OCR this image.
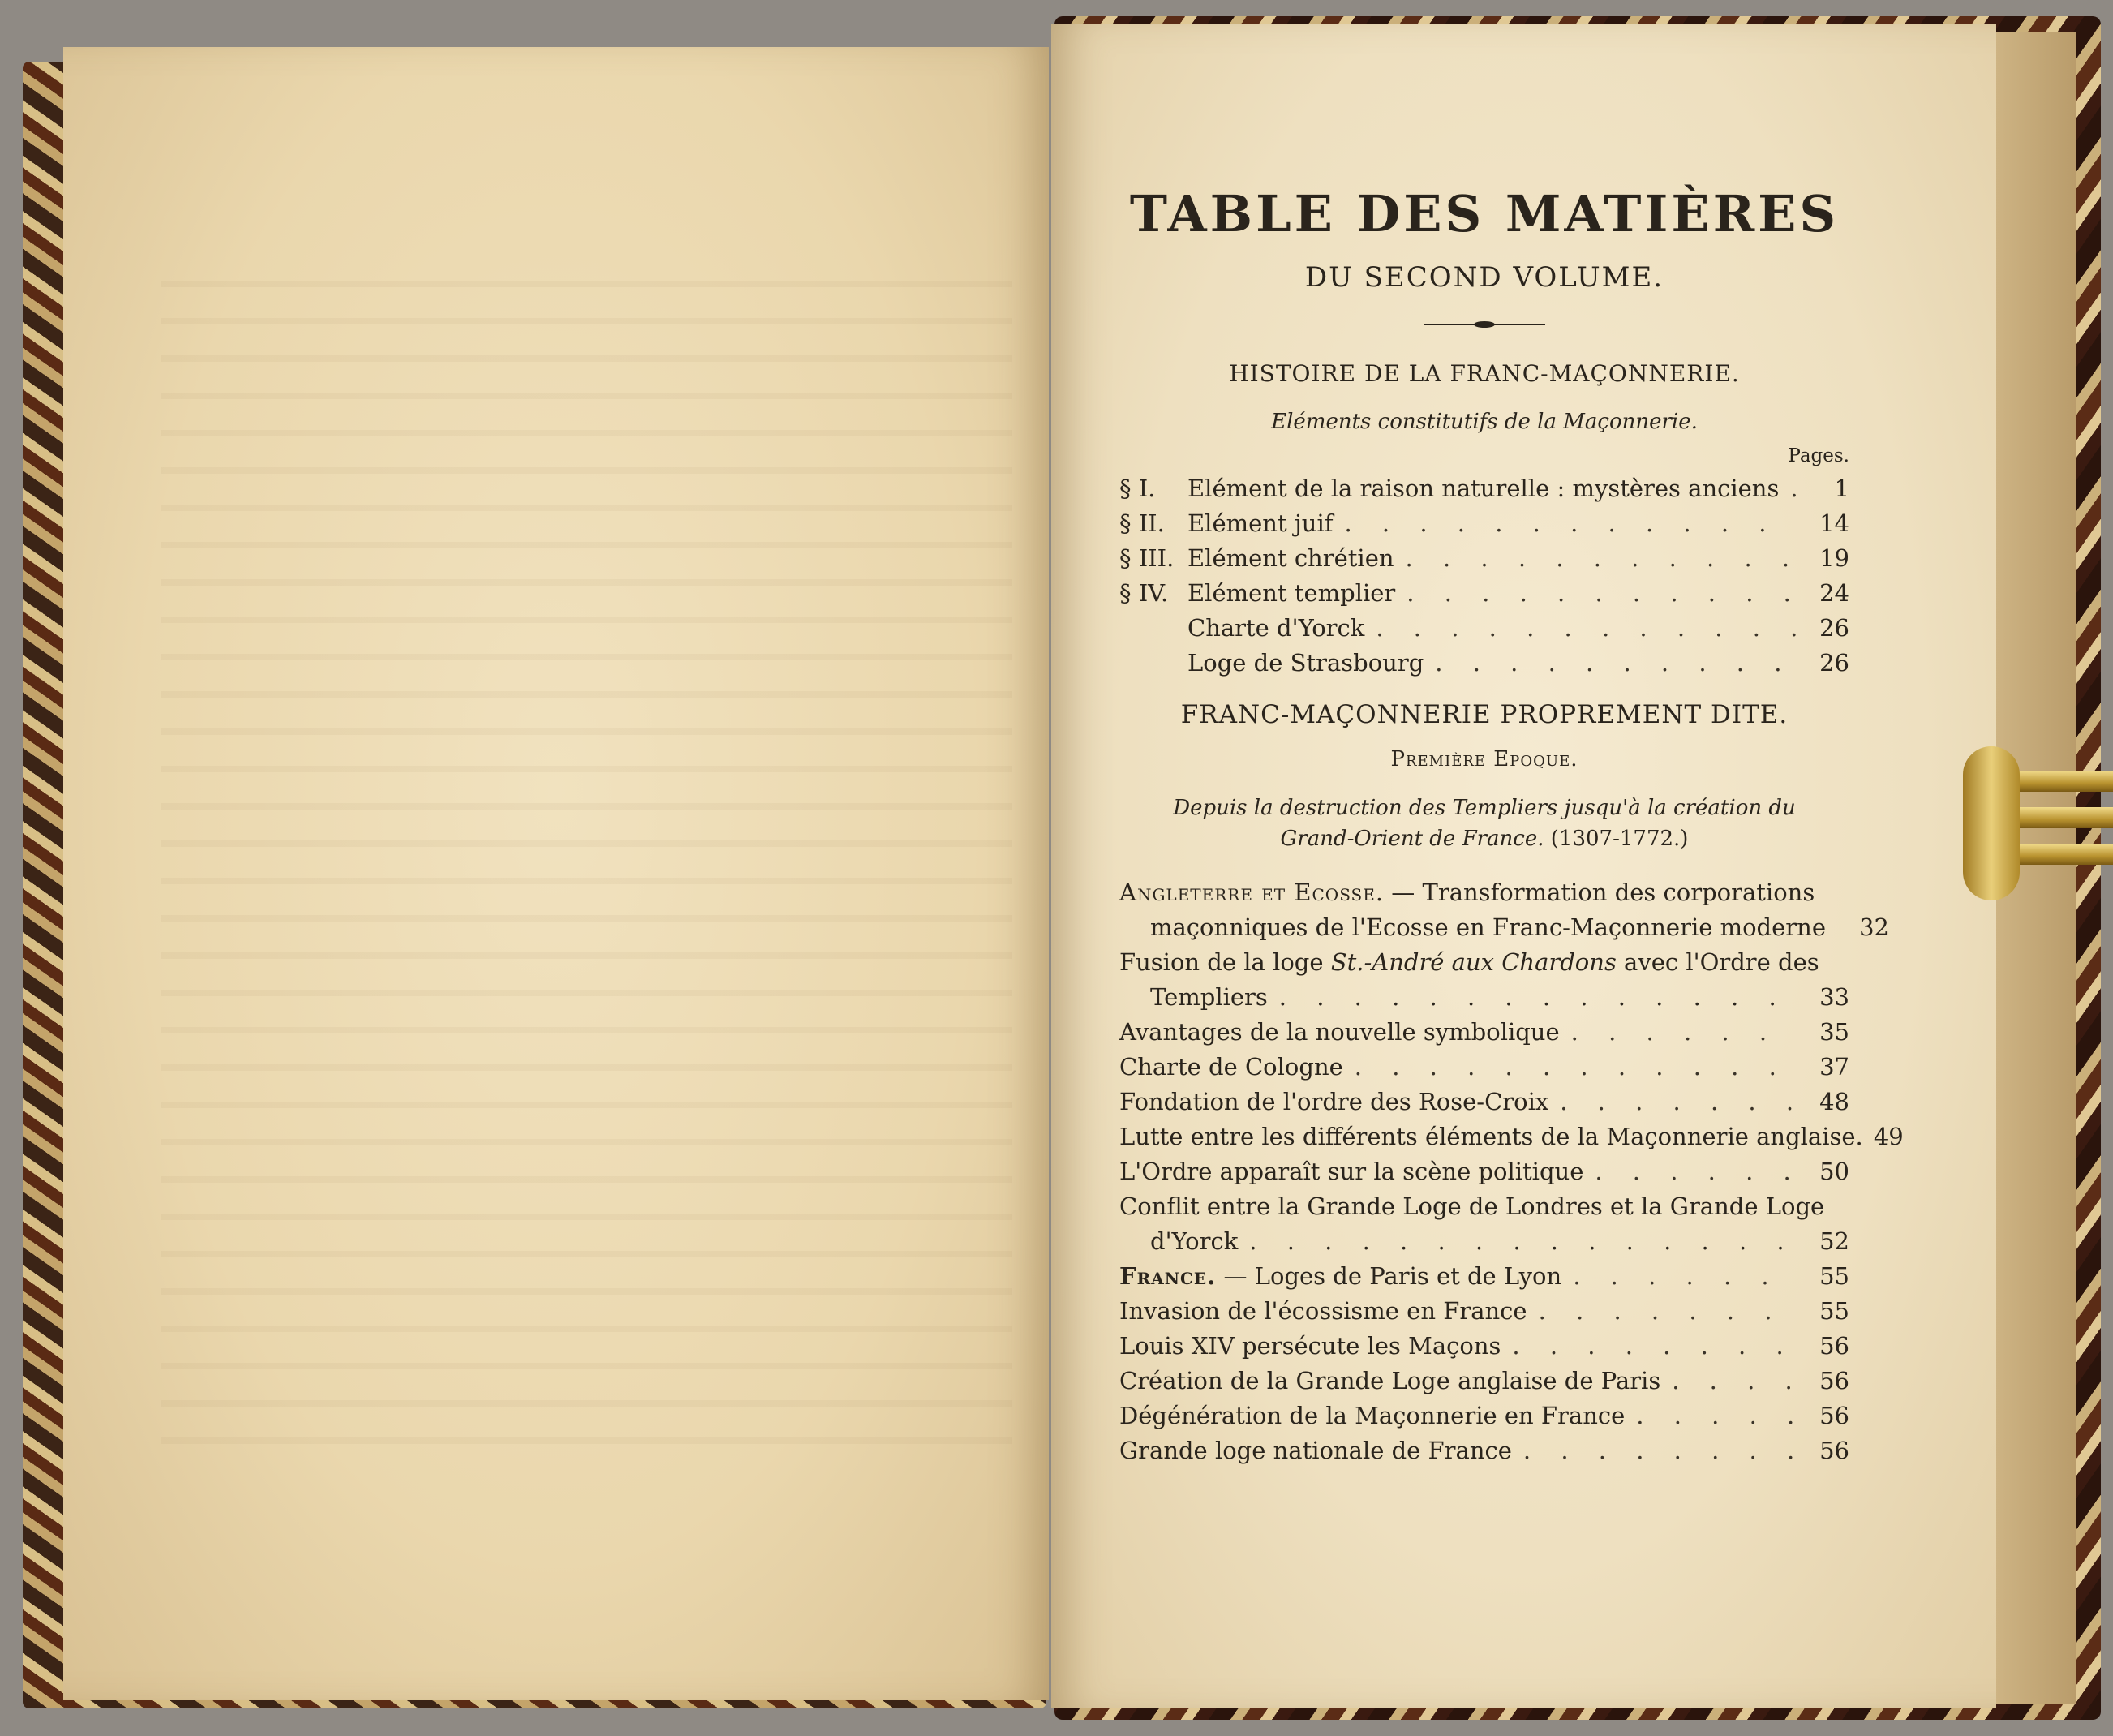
TABLE DES MATIÈRES
DU SECOND VOLUME.
HISTOIRE DE LA FRANC-MAÇONNERIE.
Eléments constitutifs de la Maçonnerie.
Pages.
§ I.	Elément de la raison naturelle : mystères anciens . . .	1
§ II. Elément juif . . .	14
§ III. Elément chrétien . . .	19
§ IV. Elément templier . . .	24
Charte d'Yorck . . .	26
Loge de Strasbourg . . .	26
FRANC-MAÇONNERIE PROPREMENT DITE.
Première Epoque.
Depuis la destruction des Templiers jusqu'à la création du
Grand-Orient de France. (1307-1772.)
Angleterre et Ecosse. — Transformation des corporations
maçonniques de l'Ecosse en Franc-Maçonnerie moderne	32
Fusion de la loge St.-André aux Chardons avec l'Ordre des
Templiers . . .	33
Avantages de la nouvelle symbolique . . .	35
Charte de Cologne . . .	37
Fondation de l'ordre des Rose-Croix . . .	48
Lutte entre les différents éléments de la Maçonnerie anglaise. 49
L'Ordre apparaît sur la scène politique . . .	50
Conflit entre la Grande Loge de Londres et la Grande Loge
d'Yorck . . .	52
France. — Loges de Paris et de Lyon . . .	55
Invasion de l'écossisme en France . . .	55
Louis XIV persécute les Maçons . . .	56
Création de la Grande Loge anglaise de Paris . . .	56
Dégénération de la Maçonnerie en France . . .	56
Grande loge nationale de France . . .	56
